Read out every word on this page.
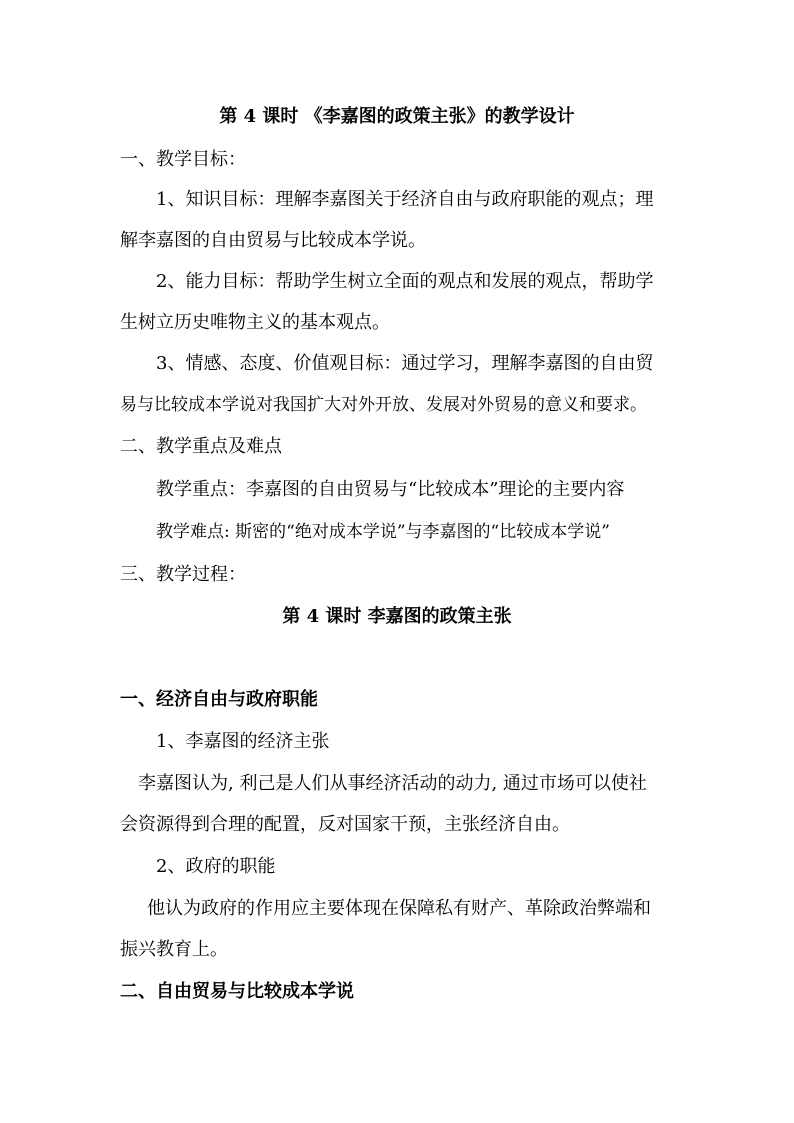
第 4 课时 《李嘉图的政策主张》的教学设计
一、教学目标：
1、知识目标：理解李嘉图关于经济自由与政府职能的观点；理
解李嘉图的自由贸易与比较成本学说。
2、能力目标：帮助学生树立全面的观点和发展的观点，帮助学
生树立历史唯物主义的基本观点。
3、情感、态度、价值观目标：通过学习，理解李嘉图的自由贸
易与比较成本学说对我国扩大对外开放、发展对外贸易的意义和要求。
二、教学重点及难点
教学重点：李嘉图的自由贸易与“比较成本”理论的主要内容
教学难点: 斯密的“绝对成本学说”与李嘉图的“比较成本学说”
三、教学过程：
第 4 课时 李嘉图的政策主张
一、经济自由与政府职能
1、李嘉图的经济主张
李嘉图认为, 利己是人们从事经济活动的动力, 通过市场可以使社
会资源得到合理的配置，反对国家干预，主张经济自由。
2、政府的职能
他认为政府的作用应主要体现在保障私有财产、革除政治弊端和
振兴教育上。
二、自由贸易与比较成本学说
